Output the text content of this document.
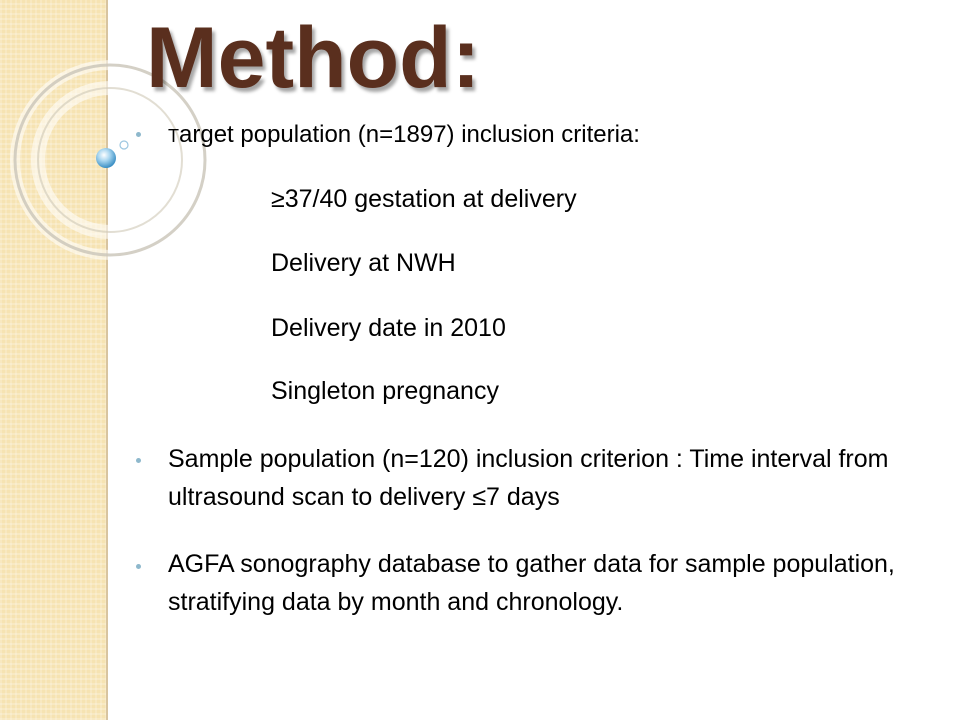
Method:
Target population (n=1897) inclusion criteria:
≥37/40 gestation at delivery
Delivery at NWH
Delivery date in 2010
Singleton pregnancy
Sample population (n=120) inclusion criterion : Time interval from ultrasound scan to delivery ≤7 days
AGFA sonography database to gather data for sample population, stratifying data by month and chronology.
